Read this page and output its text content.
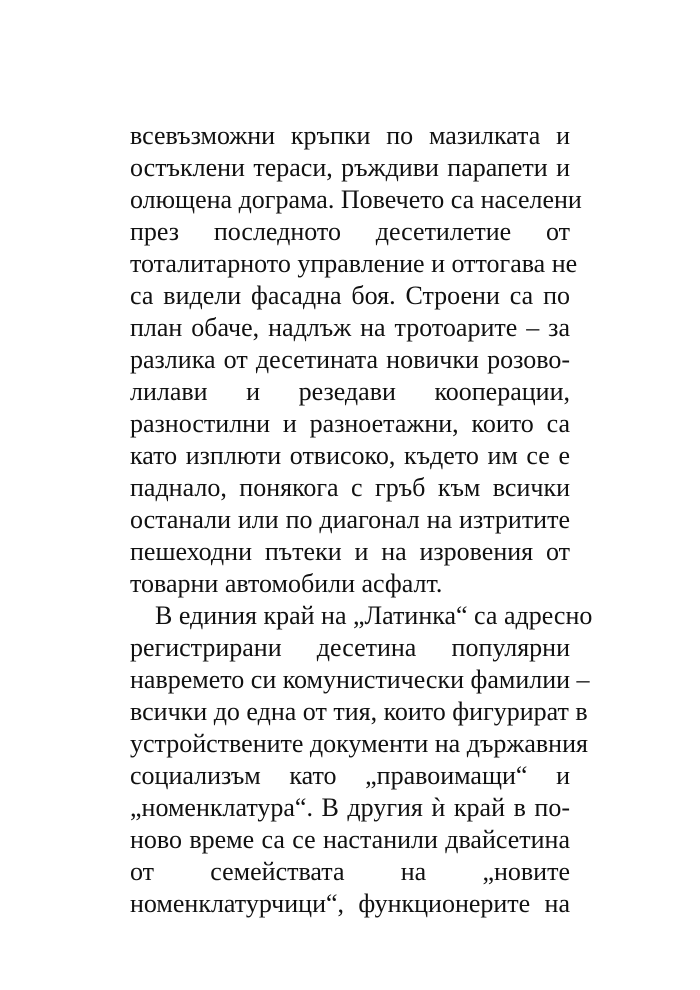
всевъзможни кръпки по мазилката и
остъклени тераси, ръждиви парапети и
олющена дограма. Повечето са населени
през последното десетилетие от
тоталитарното управление и оттогава не
са видели фасадна боя. Строени са по
план обаче, надлъж на тротоарите – за
разлика от десетината новички розово-
лилави и резедави кооперации,
разностилни и разноетажни, които са
като изплюти отвисоко, където им се е
паднало, понякога с гръб към всички
останали или по диагонал на изтритите
пешеходни пътеки и на изровения от
товарни автомобили асфалт.
В единия край на „Латинка“ са адресно
регистрирани десетина популярни
навремето си комунистически фамилии –
всички до една от тия, които фигурират в
устройствените документи на държавния
социализъм като „правоимащи“ и
„номенклатура“. В другия ѝ край в по-
ново време са се настанили двайсетина
от семействата на „новите
номенклатурчици“, функционерите на
